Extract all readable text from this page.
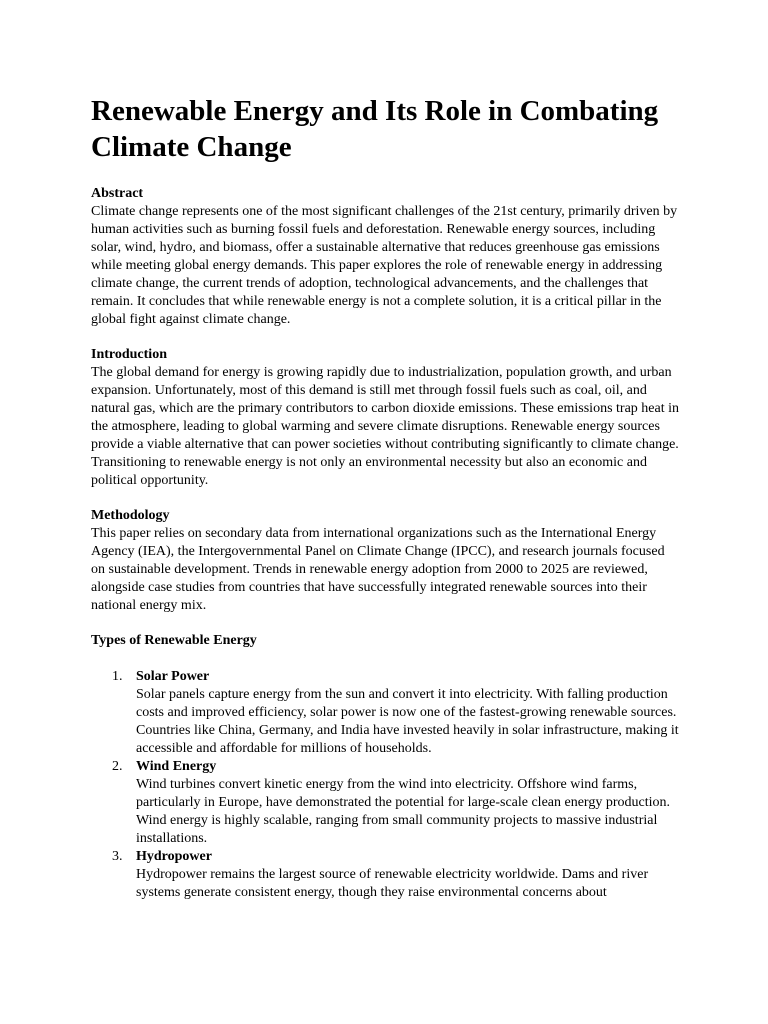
Renewable Energy and Its Role in Combating Climate Change

Abstract

Climate change represents one of the most significant challenges of the 21st century, primarily driven by human activities such as burning fossil fuels and deforestation. Renewable energy sources, including solar, wind, hydro, and biomass, offer a sustainable alternative that reduces greenhouse gas emissions while meeting global energy demands. This paper explores the role of renewable energy in addressing climate change, the current trends of adoption, technological advancements, and the challenges that remain. It concludes that while renewable energy is not a complete solution, it is a critical pillar in the global fight against climate change.

Introduction

The global demand for energy is growing rapidly due to industrialization, population growth, and urban expansion. Unfortunately, most of this demand is still met through fossil fuels such as coal, oil, and natural gas, which are the primary contributors to carbon dioxide emissions. These emissions trap heat in the atmosphere, leading to global warming and severe climate disruptions. Renewable energy sources provide a viable alternative that can power societies without contributing significantly to climate change. Transitioning to renewable energy is not only an environmental necessity but also an economic and political opportunity.

Methodology

This paper relies on secondary data from international organizations such as the International Energy Agency (IEA), the Intergovernmental Panel on Climate Change (IPCC), and research journals focused on sustainable development. Trends in renewable energy adoption from 2000 to 2025 are reviewed, alongside case studies from countries that have successfully integrated renewable sources into their national energy mix.

Types of Renewable Energy

1. Solar Power
Solar panels capture energy from the sun and convert it into electricity. With falling production costs and improved efficiency, solar power is now one of the fastest-growing renewable sources. Countries like China, Germany, and India have invested heavily in solar infrastructure, making it accessible and affordable for millions of households.
2. Wind Energy
Wind turbines convert kinetic energy from the wind into electricity. Offshore wind farms, particularly in Europe, have demonstrated the potential for large-scale clean energy production. Wind energy is highly scalable, ranging from small community projects to massive industrial installations.
3. Hydropower
Hydropower remains the largest source of renewable electricity worldwide. Dams and river systems generate consistent energy, though they raise environmental concerns about
